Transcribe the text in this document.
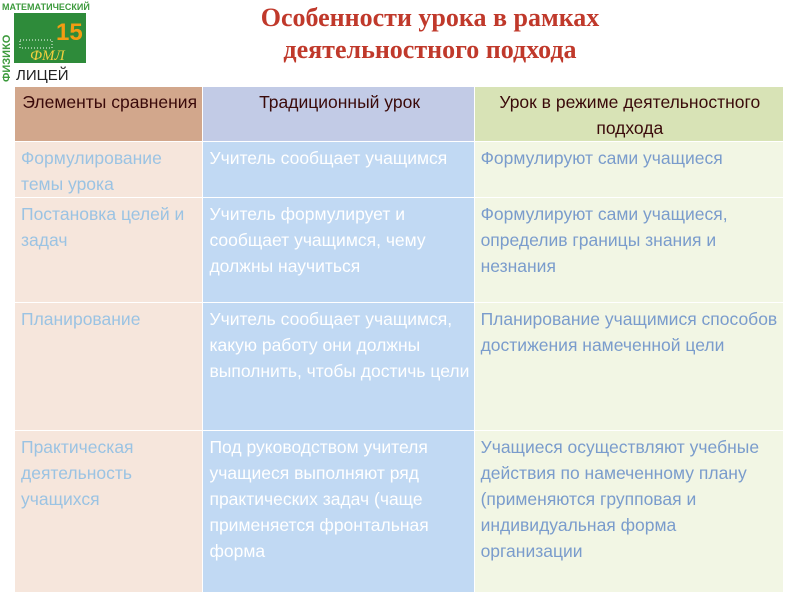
МАТЕМАТИЧЕСКИЙ
ФИЗИКО
15
ФМЛ
ЛИЦЕЙ
Особенности урока в рамках
деятельностного подхода
Элементы сравнения	Традиционный урок	Урок в режиме деятельностного подхода
Формулирование темы урока	Учитель сообщает учащимся	Формулируют сами учащиеся
Постановка целей и задач	Учитель формулирует и сообщает учащимся, чему должны научиться	Формулируют сами учащиеся, определив границы знания и незнания
Планирование	Учитель сообщает учащимся, какую работу они должны выполнить, чтобы достичь цели	Планирование учащимися способов достижения намеченной цели
Практическая деятельность учащихся	Под руководством учителя учащиеся выполняют ряд практических задач (чаще применяется фронтальная форма	Учащиеся осуществляют учебные действия по намеченному плану (применяются групповая и индивидуальная форма организации
